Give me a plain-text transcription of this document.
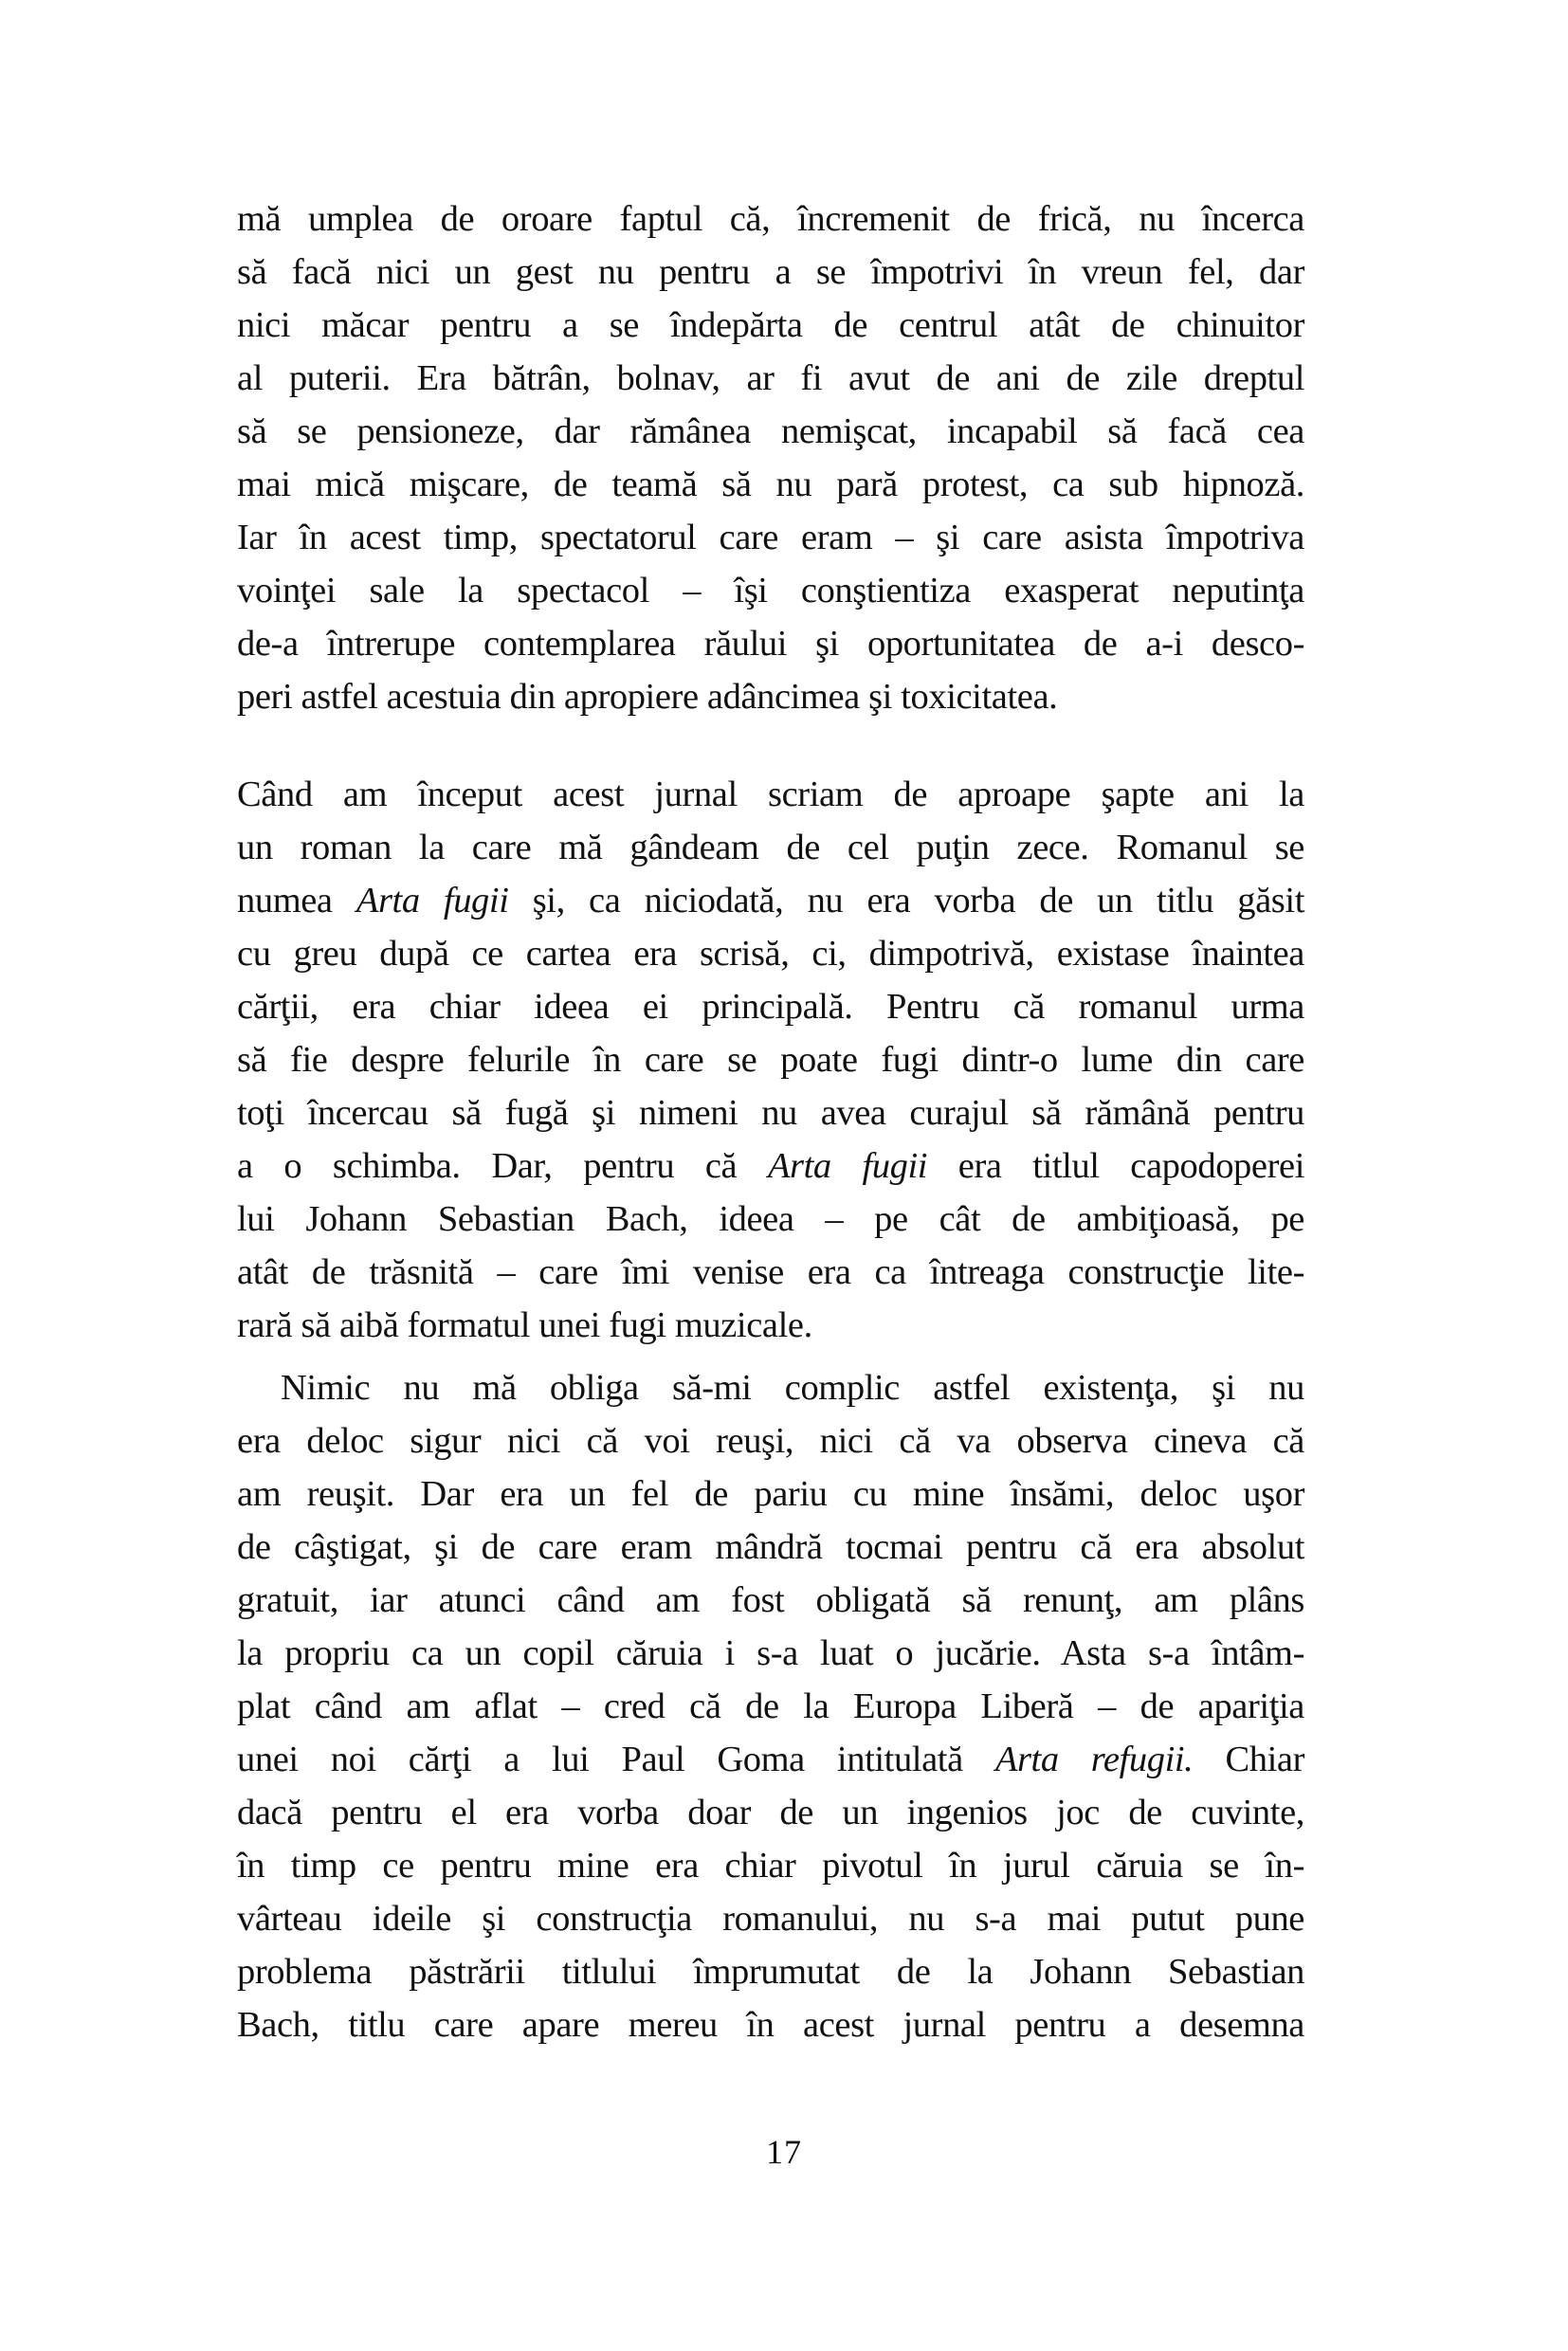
mă umplea de oroare faptul că, încremenit de frică, nu încerca
să facă nici un gest nu pentru a se împotrivi în vreun fel, dar
nici măcar pentru a se îndepărta de centrul atât de chinuitor
al puterii. Era bătrân, bolnav, ar fi avut de ani de zile dreptul
să se pensioneze, dar rămânea nemişcat, incapabil să facă cea
mai mică mişcare, de teamă să nu pară protest, ca sub hipnoză.
Iar în acest timp, spectatorul care eram – şi care asista împotriva
voinţei sale la spectacol – îşi conştientiza exasperat neputinţa
de-a întrerupe contemplarea răului şi oportunitatea de a-i desco-
peri astfel acestuia din apropiere adâncimea şi toxicitatea.
Când am început acest jurnal scriam de aproape şapte ani la
un roman la care mă gândeam de cel puţin zece. Romanul se
numea Arta fugii şi, ca niciodată, nu era vorba de un titlu găsit
cu greu după ce cartea era scrisă, ci, dimpotrivă, existase înaintea
cărţii, era chiar ideea ei principală. Pentru că romanul urma
să fie despre felurile în care se poate fugi dintr-o lume din care
toţi încercau să fugă şi nimeni nu avea curajul să rămână pentru
a o schimba. Dar, pentru că Arta fugii era titlul capodoperei
lui Johann Sebastian Bach, ideea – pe cât de ambiţioasă, pe
atât de trăsnită – care îmi venise era ca întreaga construcţie lite-
rară să aibă formatul unei fugi muzicale.
Nimic nu mă obliga să-mi complic astfel existenţa, şi nu
era deloc sigur nici că voi reuşi, nici că va observa cineva că
am reuşit. Dar era un fel de pariu cu mine însămi, deloc uşor
de câştigat, şi de care eram mândră tocmai pentru că era absolut
gratuit, iar atunci când am fost obligată să renunţ, am plâns
la propriu ca un copil căruia i s-a luat o jucărie. Asta s-a întâm-
plat când am aflat – cred că de la Europa Liberă – de apariţia
unei noi cărţi a lui Paul Goma intitulată Arta refugii. Chiar
dacă pentru el era vorba doar de un ingenios joc de cuvinte,
în timp ce pentru mine era chiar pivotul în jurul căruia se în-
vârteau ideile şi construcţia romanului, nu s-a mai putut pune
problema păstrării titlului împrumutat de la Johann Sebastian
Bach, titlu care apare mereu în acest jurnal pentru a desemna
17
